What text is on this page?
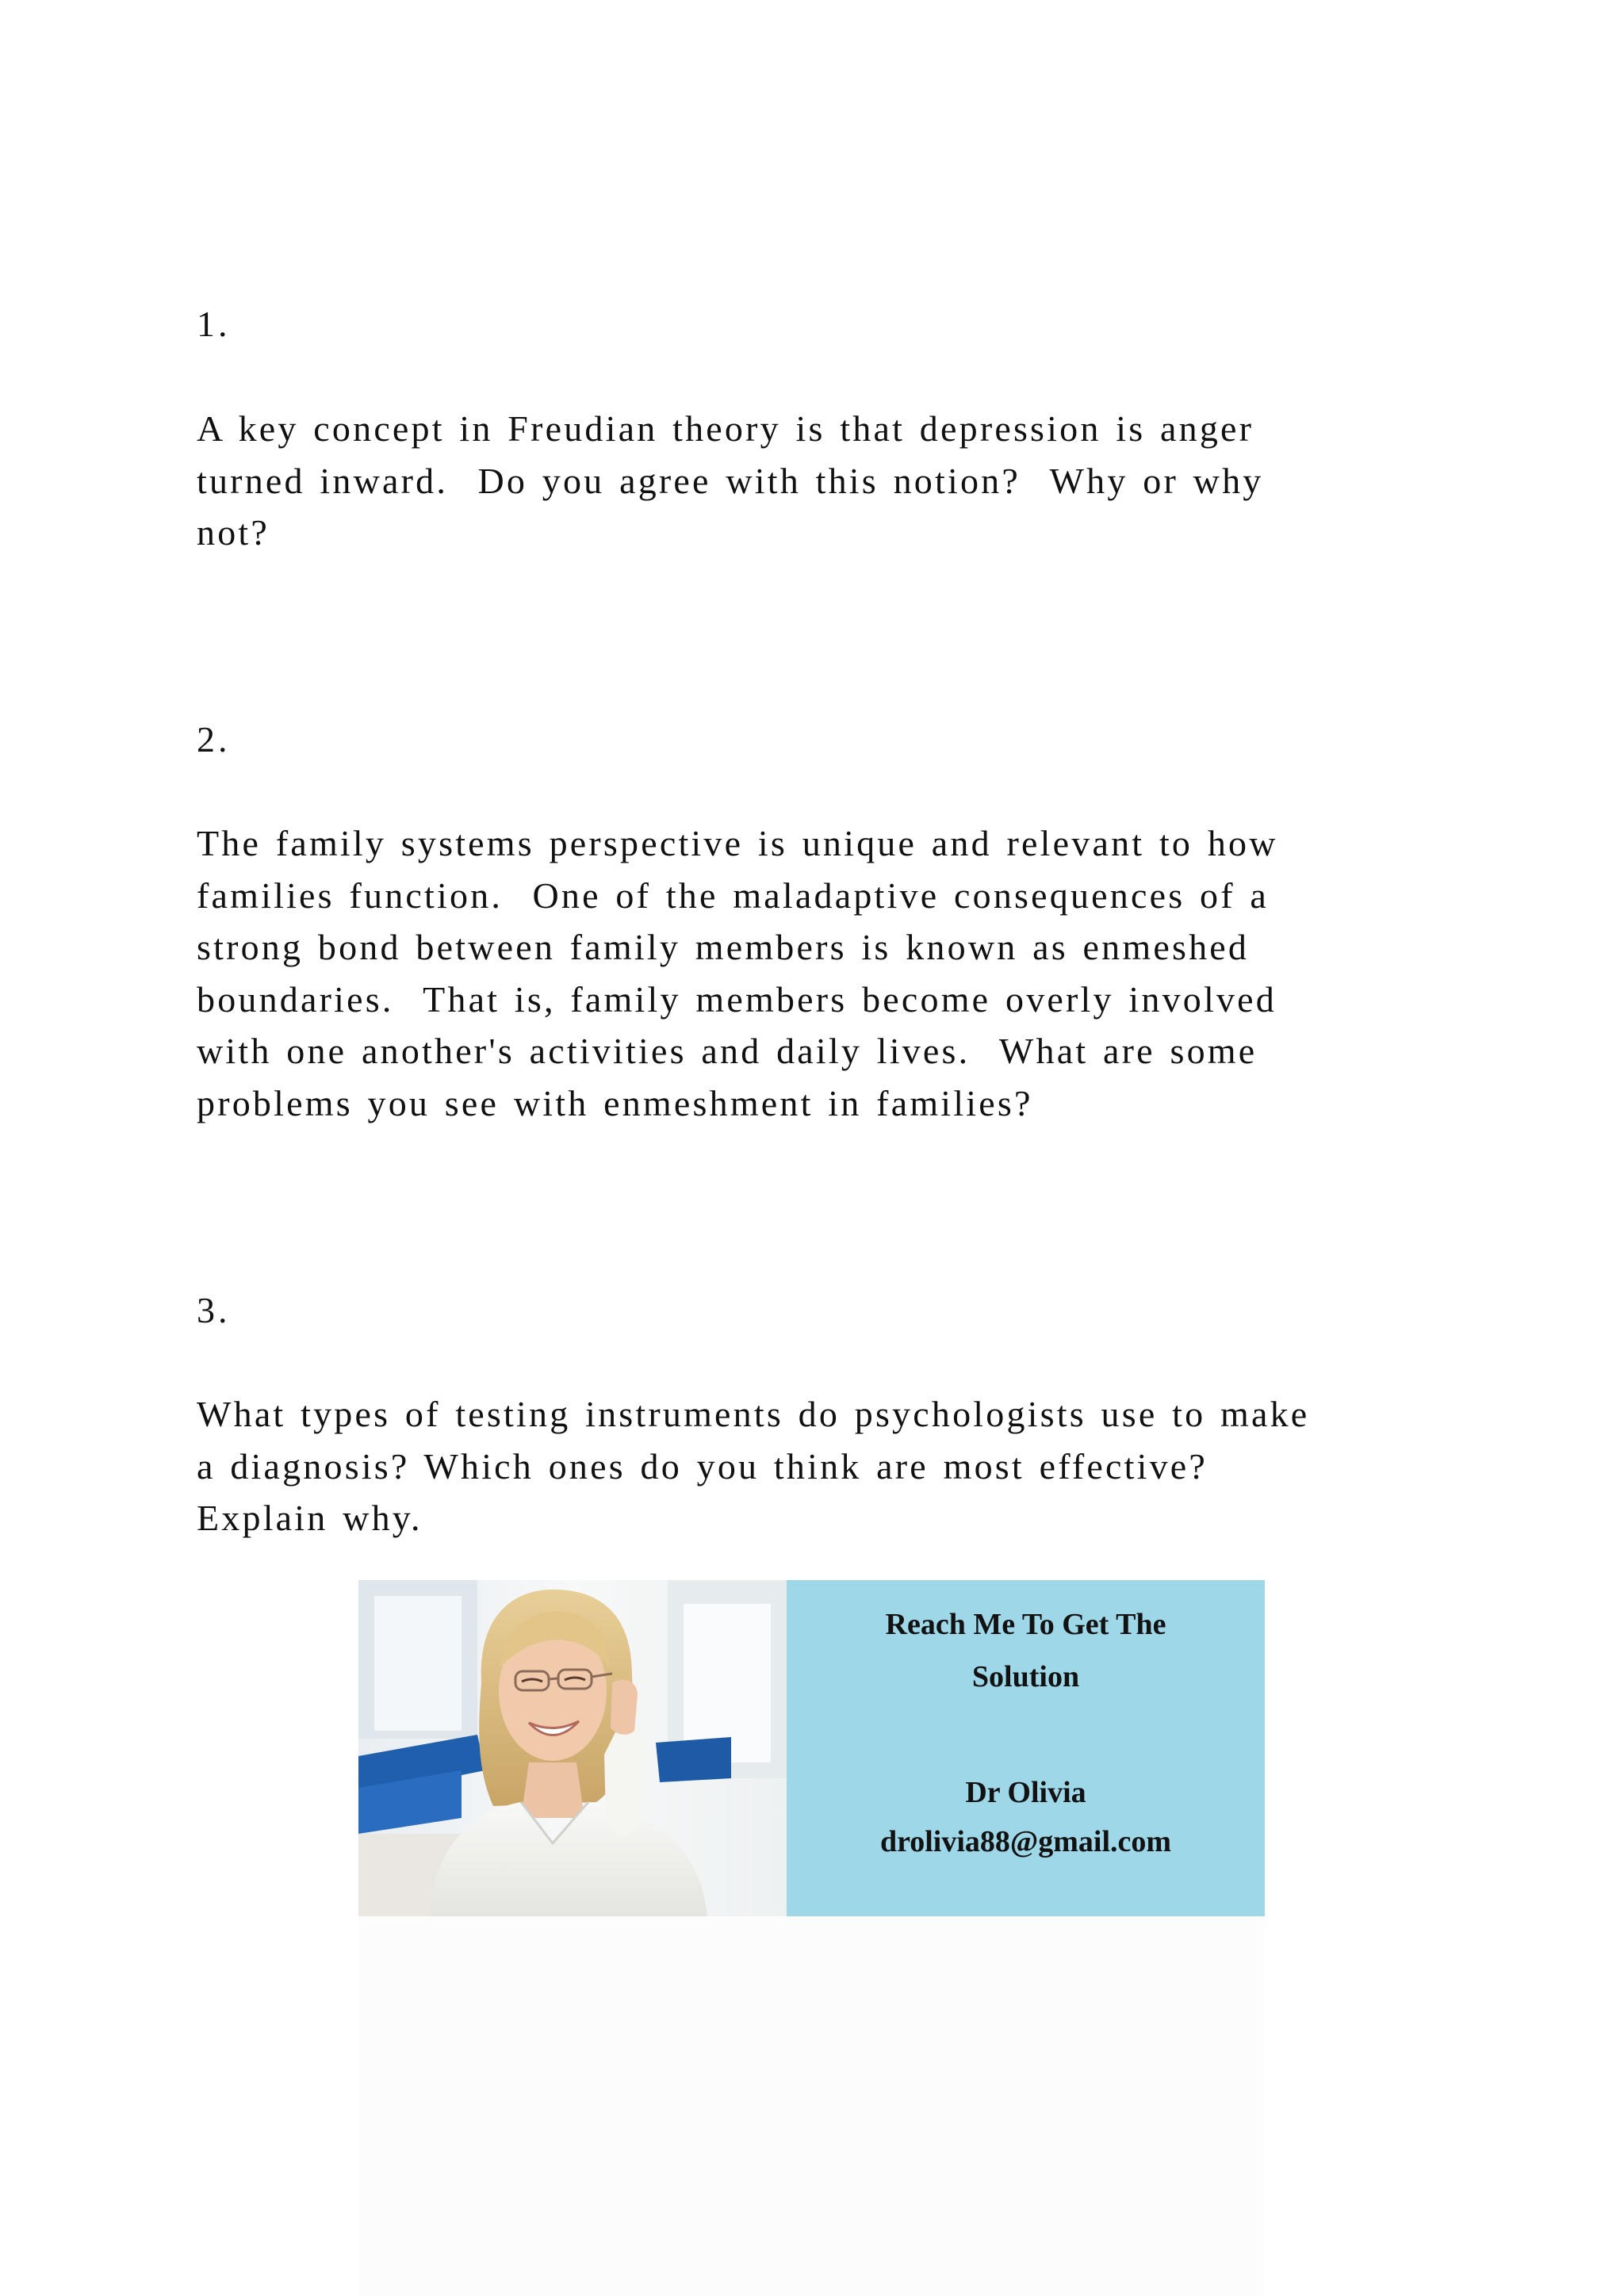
1.

A key concept in Freudian theory is that depression is anger
turned inward.  Do you agree with this notion?  Why or why
not?

2.

The family systems perspective is unique and relevant to how
families function.  One of the maladaptive consequences of a
strong bond between family members is known as enmeshed
boundaries.  That is, family members become overly involved
with one another's activities and daily lives.  What are some
problems you see with enmeshment in families?

3.

What types of testing instruments do psychologists use to make
a diagnosis? Which ones do you think are most effective?
Explain why.

Reach Me To Get The
Solution
Dr Olivia
drolivia88@gmail.com
